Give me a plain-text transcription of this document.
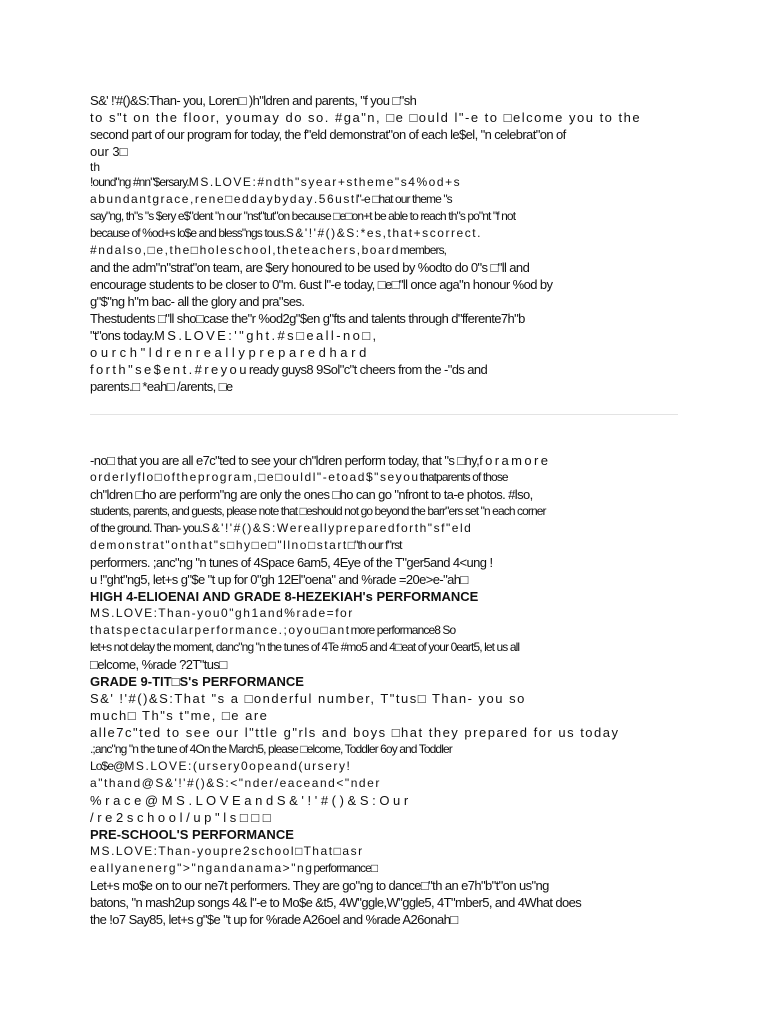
S&' !'#()&S:Than- you, Loren□ )h"ldren and parents, "f you □"sh
to s"t on the floor, youmay do so. #ga"n, □e □ould l"-e to □elcome you to the
second part of our program for today, the f"eld demonstrat"on of each le$el, "n celebrat"on of
our 3□
th
!ound"ng #nn"$ersary.M S . L O V E : # n d t h " s y e a r + s t h e m e " s 4 % o d + s
a b u n d a n t g r a c e , r e n e □ e d d a y b y d a y . 5 6 u s t l"-e □hat our theme "s
say"ng, th"s "s $ery e$"dent "n our "nst"tut"on because □e□on+t be able to reach th"s po"nt "f not
because of %od+s lo$e and bless"ngs tous.S & ' ! ' # ( ) & S : * e s , t h a t + s c o r r e c t .
# n d a l s o , □ e , t h e □ h o l e s c h o o l , t h e t e a c h e r s , b o a r d members,
and the adm"n"strat"on team, are $ery honoured to be used by %odto do 0"s □"ll and
encourage students to be closer to 0"m. 6ust l"-e today, □e□"ll once aga"n honour %od by
g"$"ng h"m bac- all the glory and pra"ses.
Thestudents □"ll sho□case the"r %od2g"$en g"fts and talents through d"fferente7h"b
"t"ons today.M S . L O V E : ' " g h t . # s □ e a l l - n o □ ,
o u r c h " l d r e n r e a l l y p r e p a r e d h a r d
f o r t h " s e $ e n t . # r e y o u ready guys8 9Sol"c"t cheers from the -"ds and
parents.□ *eah□ /arents, □e
-no□ that you are all e7c"ted to see your ch"ldren perform today, that "s □hy,f o r a m o r e
o r d e r l y f l o □ o f t h e p r o g r a m , □ e □ o u l d l " - e t o a d $ " s e y o u thatparents of those
ch"ldren □ho are perform"ng are only the ones □ho can go "nfront to ta-e photos. #lso,
students, parents, and guests, please note that □eshould not go beyond the barr"ers set "n each corner
of the ground. Than- you.S & ' ! ' # ( ) & S : W e r e a l l y p r e p a r e d f o r t h " s f " e l d
d e m o n s t r a t " o n t h a t " s □ h y □ e □ " l l n o □ s t a r t □"th our f"rst
performers. ;anc"ng "n tunes of 4Space 6am5, 4Eye of the T"ger5and 4<ung !
u !"ght"ng5, let+s g"$e "t up for 0"gh 12El"oena" and %rade =20e>e-"ah□
HIGH 4-ELIOENAI AND GRADE 8-HEZEKIAH's PERFORMANCE
M S . L O V E : T h a n - y o u 0 " g h 1 a n d % r a d e = f o r
t h a t s p e c t a c u l a r p e r f o r m a n c e . ; o y o u □ a n t more performance8 So
let+s not delay the moment, danc"ng "n the tunes of 4Te #mo5 and 4□eat of your 0eart5, let us all
□elcome, %rade ?2T"tus□
GRADE 9-TIT□S's PERFORMANCE
S&' !'#()&S:That "s a □onderful number, T"tus□ Than- you so
much□ Th"s t"me, □e are
alle7c"ted to see our l"ttle g"rls and boys □hat they prepared for us today
.;anc"ng "n the tune of 4On the March5, please □elcome, Toddler 6oy and Toddler
Lo$e@M S . L O V E : ( u r s e r y 0 o p e a n d ( u r s e r y !
a " t h a n d @ S & ' ! ' # ( ) & S : < " n d e r / e a c e a n d < " n d e r
% r a c e @ M S . L O V E a n d S & ' ! ' # ( ) & S : O u r
/ r e 2 s c h o o l / u p " l s □ □ □
PRE-SCHOOL'S PERFORMANCE
M S . L O V E : T h a n - y o u p r e 2 s c h o o l □ T h a t □ a s r
e a l l y a n e n e r g " > " n g a n d a n a m a > " n g performance□
Let+s mo$e on to our ne7t performers. They are go"ng to dance□"th an e7h"b"t"on us"ng
batons, "n mash2up songs 4& l"-e to Mo$e &t5, 4W"ggle,W"ggle5, 4T"mber5, and 4What does
the !o7 Say85, let+s g"$e "t up for %rade A26oel and %rade A26onah□
